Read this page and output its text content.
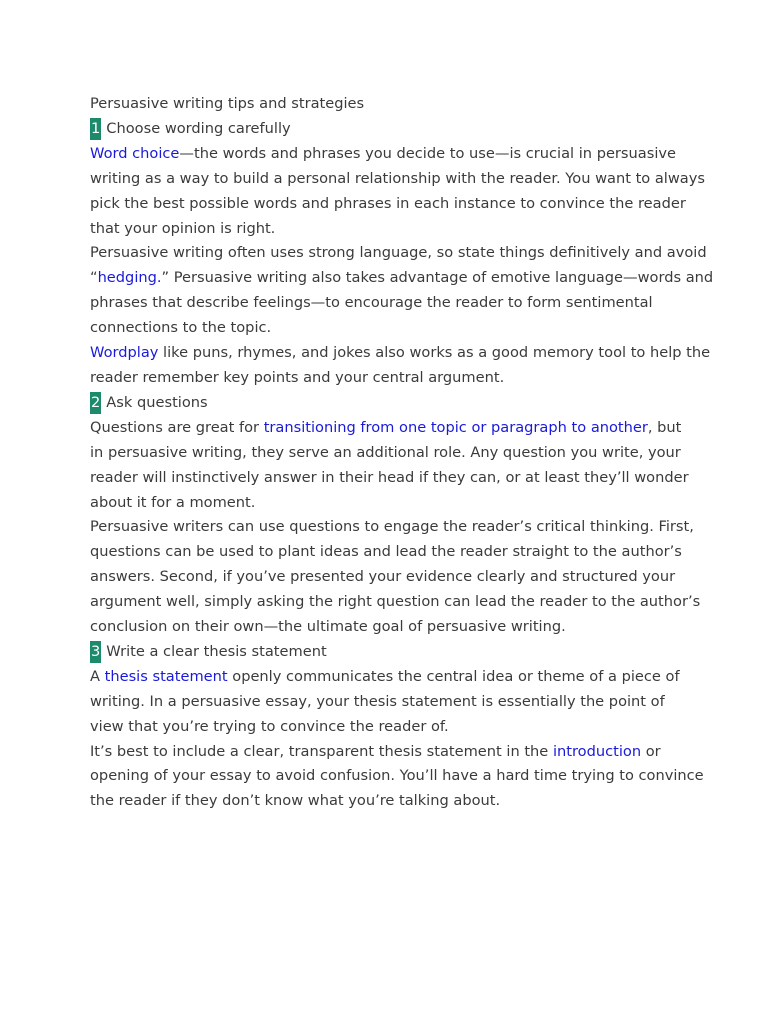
Persuasive writing tips and strategies
1 Choose wording carefully
Word choice—the words and phrases you decide to use—is crucial in persuasive
writing as a way to build a personal relationship with the reader. You want to always
pick the best possible words and phrases in each instance to convince the reader
that your opinion is right.
Persuasive writing often uses strong language, so state things definitively and avoid
“hedging.” Persuasive writing also takes advantage of emotive language—words and
phrases that describe feelings—to encourage the reader to form sentimental
connections to the topic.
Wordplay like puns, rhymes, and jokes also works as a good memory tool to help the
reader remember key points and your central argument.
2 Ask questions
Questions are great for transitioning from one topic or paragraph to another, but
in persuasive writing, they serve an additional role. Any question you write, your
reader will instinctively answer in their head if they can, or at least they’ll wonder
about it for a moment.
Persuasive writers can use questions to engage the reader’s critical thinking. First,
questions can be used to plant ideas and lead the reader straight to the author’s
answers. Second, if you’ve presented your evidence clearly and structured your
argument well, simply asking the right question can lead the reader to the author’s
conclusion on their own—the ultimate goal of persuasive writing.
3 Write a clear thesis statement
A thesis statement openly communicates the central idea or theme of a piece of
writing. In a persuasive essay, your thesis statement is essentially the point of
view that you’re trying to convince the reader of.
It’s best to include a clear, transparent thesis statement in the introduction or
opening of your essay to avoid confusion. You’ll have a hard time trying to convince
the reader if they don’t know what you’re talking about.
